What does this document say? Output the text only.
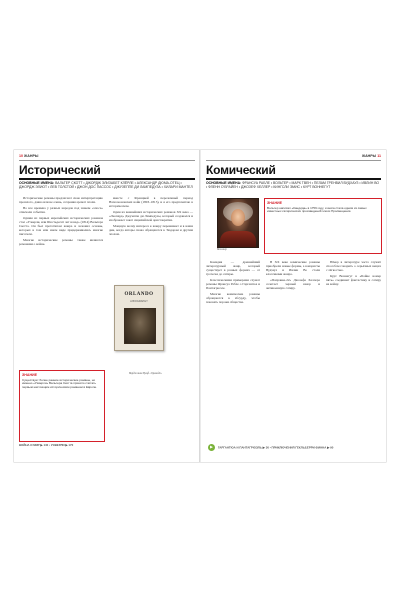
10 ЖАНРЫ
Исторический

ОСНОВНЫЕ ИМЕНА: ВАЛЬТЕР СКОТТ • ДЖОРДЖ ЭЛИЗАБЕТ КЛЁРЛЕ • АЛЕКСАНДР ДЮМА-ОТЕЦ • ДЖОРДЖ ЭЛИОТ • ЛЕВ ТОЛСТОЙ • ДЖОН ДОС ПАССОС • ДЖУЗЕППЕ ДИ ЛАМПЕДУЗА • ХИЛАРИ МАНТЕЛ

Исторические романы предлагают свою интерпретацию прошлого, давно или не очень, сохраняя аромат эпохи.

Во все времена у разных народов под знаком «эпоса» отмечали события.

Одним из первых европейских исторических романов стал «Уэверли, или Шестьдесят лет назад» (1814) Вальтера Скотта. Он был прототипом жанра и заложил основы, которых в том или ином виде придерживались многие писатели.

Многие исторические романы также являются романами о войне.

вместе с Францией в переломный период Наполеоновских войн (1803–1815), и я его предпочитаю в историческом.

Один из важнейших исторических романов XX века — «Леопард» Джузеппе ди Лампедузы, который создавался и изображает закат сицилийской аристократии.

Мощную волну интереса к жанру переживает и в наши дни, когда авторы снова обращаются к Тюдорам и другим эпохам.

ЗНАНИЕ

Существует более ранние исторические романы, но именно «Уэверли» Вальтера Скотта принято считать первым настоящим историческим романом в Европе.

ORLANDO
A BIOGRAPHY
Вирджиния Вулф «Орландо»
ВОЙНА И МИР ▶ 140 • УЭВЕРЛИ ▶ 170
ЖАНРЫ 11
Комический

ОСНОВНЫЕ ИМЕНА: ФРАНСУА РАБЛЕ • ВОЛЬТЕР • МАРК ТВЕН • ПЕЛАМ ГРЕНВИЛ ВУДХАУЗ • ИВЛИН ВО • ФЛЕНН О'БРАЙЕН • ДЖОЗЕФ ХЕЛЛЕР • КИНГСЛИ ЭМИС • КУРТ ВОННЕГУТ

Вольтер
ЗНАНИЕ

Вольтер написал «Кандида» в 1759 году, и книга стала одним из самых известных сатирических произведений эпохи Просвещения.

Комедия — древнейший литературный жанр, который существует в разных формах — от гротеска до сатиры.

Классическими примерами служат романы Франсуа Рабле о Гаргантюа и Пантагрюэле.

Многие комические романы обращаются к абсурду, чтобы показать пороки общества.

В XX веке комические романы приобрели новые формы, а юмористы Вудхауз и Ивлин Во стали классиками жанра.

«Поправка-22» Джозефа Хеллера сочетает черный юмор и антивоенную сатиру.

Юмор в литературе часто служит способом говорить о серьёзных вещах с лёгкостью.

Курт Воннегут в «Бойне номер пять» соединяет фантастику и сатиру на войну.

▶ ГАРГАНТЮА И ПАНТАГРЮЭЛЬ ▶ 30 • ПРИКЛЮЧЕНИЯ ГЕКЛЬБЕРРИ ФИННА ▶ 90
